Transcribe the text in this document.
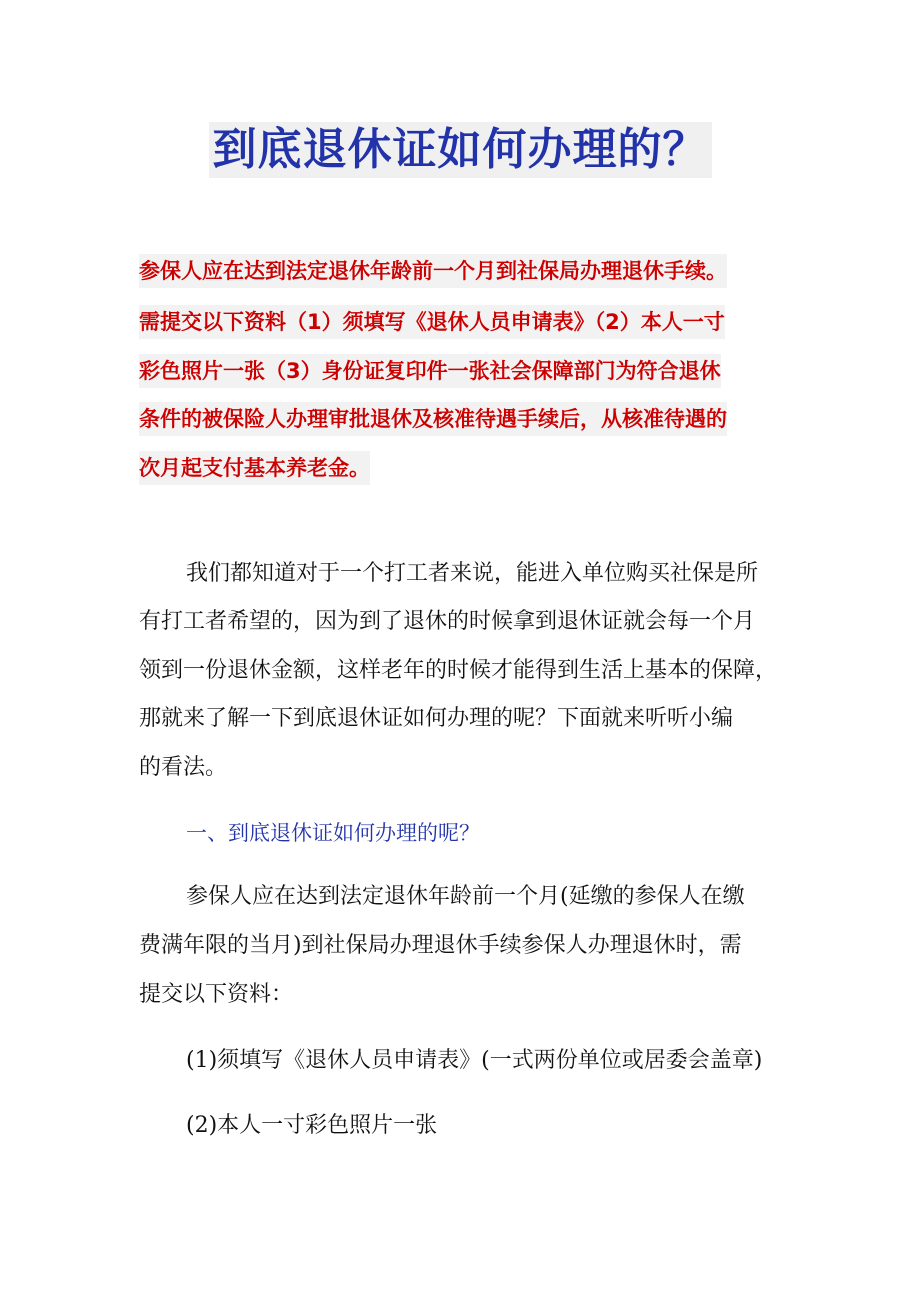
到底退休证如何办理的？
参保人应在达到法定退休年龄前一个月到社保局办理退休手续。
需提交以下资料（1）须填写《退休人员申请表》（2）本人一寸
彩色照片一张（3）身份证复印件一张社会保障部门为符合退休
条件的被保险人办理审批退休及核准待遇手续后，从核准待遇的
次月起支付基本养老金。
我们都知道对于一个打工者来说，能进入单位购买社保是所
有打工者希望的，因为到了退休的时候拿到退休证就会每一个月
领到一份退休金额，这样老年的时候才能得到生活上基本的保障，
那就来了解一下到底退休证如何办理的呢？下面就来听听小编
的看法。
一、到底退休证如何办理的呢？
参保人应在达到法定退休年龄前一个月(延缴的参保人在缴
费满年限的当月)到社保局办理退休手续参保人办理退休时，需
提交以下资料：
(1)须填写《退休人员申请表》(一式两份单位或居委会盖章)
(2)本人一寸彩色照片一张
